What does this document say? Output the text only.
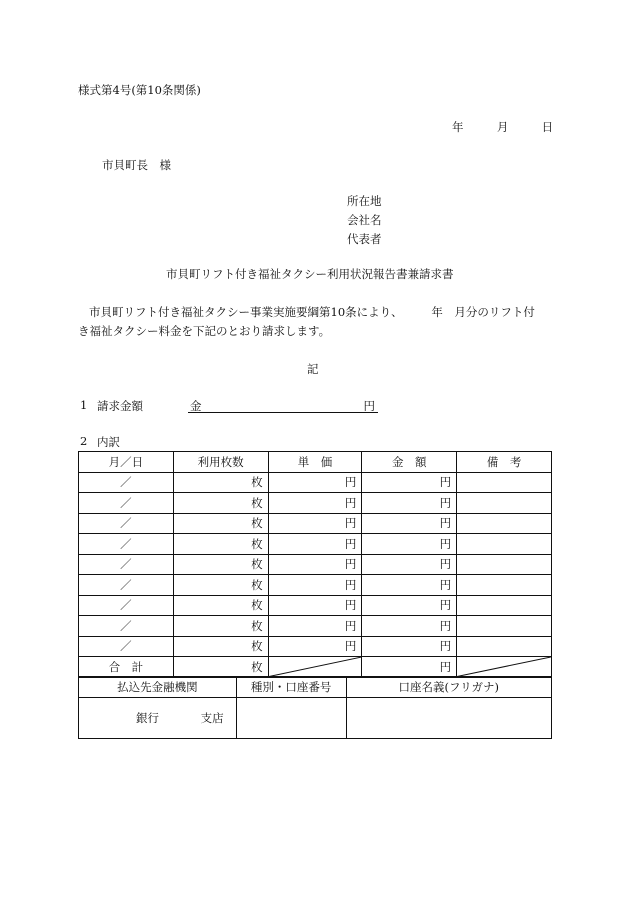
様式第4号(第10条関係)
年	月	日
市貝町長　様
所在地
会社名
代表者
市貝町リフト付き福祉タクシー利用状況報告書兼請求書
市貝町リフト付き福祉タクシー事業実施要綱第10条により、　　　年　月分のリフト付
き福祉タクシー料金を下記のとおり請求します。
記
1 請求金額	金	円
2 内訳
月／日	利用枚数	単　価	金　額	備　考
／	枚	円	円	
／	枚	円	円	
／	枚	円	円	
／	枚	円	円	
／	枚	円	円	
／	枚	円	円	
／	枚	円	円	
／	枚	円	円	
／	枚	円	円	
合　計	枚		円	
払込先金融機関	種別・口座番号	口座名義(フリガナ)
銀行 支店		
